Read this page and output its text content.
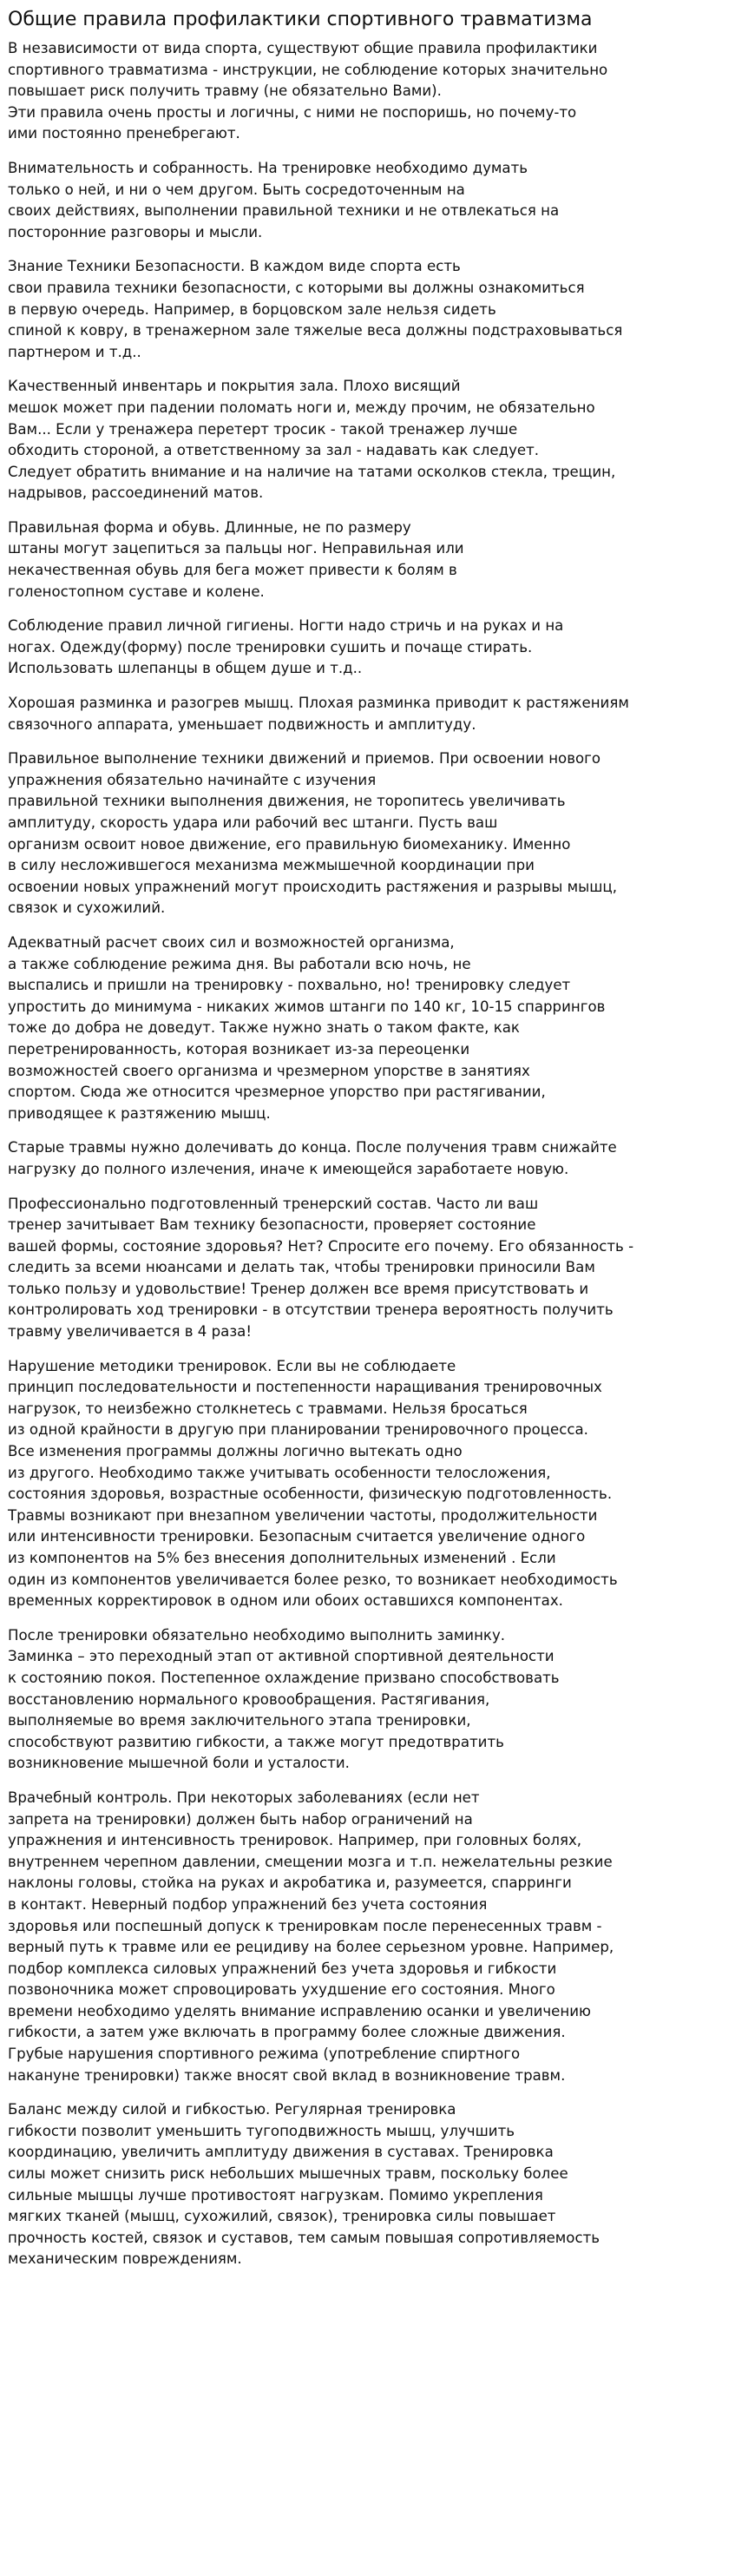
Общие правила профилактики спортивного травматизма
В независимости от вида спорта, существуют общие правила профилактики
спортивного травматизма - инструкции, не соблюдение которых значительно
повышает риск получить травму (не обязательно Вами).
Эти правила очень просты и логичны, с ними не поспоришь, но почему-то
ими постоянно пренебрегают.
Внимательность и собранность. На тренировке необходимо думать
только о ней, и ни о чем другом. Быть сосредоточенным на
своих действиях, выполнении правильной техники и не отвлекаться на
посторонние разговоры и мысли.
Знание Техники Безопасности. В каждом виде спорта есть
свои правила техники безопасности, с которыми вы должны ознакомиться
в первую очередь. Например, в борцовском зале нельзя сидеть
спиной к ковру, в тренажерном зале тяжелые веса должны подстраховываться
партнером и т.д..
Качественный инвентарь и покрытия зала. Плохо висящий
мешок может при падении поломать ноги и, между прочим, не обязательно
Вам... Если у тренажера перетерт тросик - такой тренажер лучше
обходить стороной, а ответственному за зал - надавать как следует.
Следует обратить внимание и на наличие на татами осколков стекла, трещин,
надрывов, рассоединений матов.
Правильная форма и обувь. Длинные, не по размеру
штаны могут зацепиться за пальцы ног. Неправильная или
некачественная обувь для бега может привести к болям в
голеностопном суставе и колене.
Соблюдение правил личной гигиены. Ногти надо стричь и на руках и на
ногах. Одежду(форму) после тренировки сушить и почаще стирать.
Использовать шлепанцы в общем душе и т.д..
Хорошая разминка и разогрев мышц. Плохая разминка приводит к растяжениям
связочного аппарата, уменьшает подвижность и амплитуду.
Правильное выполнение техники движений и приемов. При освоении нового
упражнения обязательно начинайте с изучения
правильной техники выполнения движения, не торопитесь увеличивать
амплитуду, скорость удара или рабочий вес штанги. Пусть ваш
организм освоит новое движение, его правильную биомеханику. Именно
в силу несложившегося механизма межмышечной координации при
освоении новых упражнений могут происходить растяжения и разрывы мышц,
связок и сухожилий.
Адекватный расчет своих сил и возможностей организма,
а также соблюдение режима дня. Вы работали всю ночь, не
выспались и пришли на тренировку - похвально, но! тренировку следует
упростить до минимума - никаких жимов штанги по 140 кг, 10-15 спаррингов
тоже до добра не доведут. Также нужно знать о таком факте, как
перетренированность, которая возникает из-за переоценки
возможностей своего организма и чрезмерном упорстве в занятиях
спортом. Сюда же относится чрезмерное упорство при растягивании,
приводящее к разтяжению мышц.
Старые травмы нужно долечивать до конца. После получения травм снижайте
нагрузку до полного излечения, иначе к имеющейся заработаете новую.
Профессионально подготовленный тренерский состав. Часто ли ваш
тренер зачитывает Вам технику безопасности, проверяет состояние
вашей формы, состояние здоровья? Нет? Спросите его почему. Его обязанность -
следить за всеми нюансами и делать так, чтобы тренировки приносили Вам
только пользу и удовольствие! Тренер должен все время присутствовать и
контролировать ход тренировки - в отсутствии тренера вероятность получить
травму увеличивается в 4 раза!
Нарушение методики тренировок. Если вы не соблюдаете
принцип последовательности и постепенности наращивания тренировочных
нагрузок, то неизбежно столкнетесь с травмами. Нельзя бросаться
из одной крайности в другую при планировании тренировочного процесса.
Все изменения программы должны логично вытекать одно
из другого. Необходимо также учитывать особенности телосложения,
состояния здоровья, возрастные особенности, физическую подготовленность.
Травмы возникают при внезапном увеличении частоты, продолжительности
или интенсивности тренировки. Безопасным считается увеличение одного
из компонентов на 5% без внесения дополнительных изменений . Если
один из компонентов увеличивается более резко, то возникает необходимость
временных корректировок в одном или обоих оставшихся компонентах.
После тренировки обязательно необходимо выполнить заминку.
Заминка – это переходный этап от активной спортивной деятельности
к состоянию покоя. Постепенное охлаждение призвано способствовать
восстановлению нормального кровообращения. Растягивания,
выполняемые во время заключительного этапа тренировки,
способствуют развитию гибкости, а также могут предотвратить
возникновение мышечной боли и усталости.
Врачебный контроль. При некоторых заболеваниях (если нет
запрета на тренировки) должен быть набор ограничений на
упражнения и интенсивность тренировок. Например, при головных болях,
внутреннем черепном давлении, смещении мозга и т.п. нежелательны резкие
наклоны головы, стойка на руках и акробатика и, разумеется, спарринги
в контакт. Неверный подбор упражнений без учета состояния
здоровья или поспешный допуск к тренировкам после перенесенных травм -
верный путь к травме или ее рецидиву на более серьезном уровне. Например,
подбор комплекса силовых упражнений без учета здоровья и гибкости
позвоночника может спровоцировать ухудшение его состояния. Много
времени необходимо уделять внимание исправлению осанки и увеличению
гибкости, а затем уже включать в программу более сложные движения.
Грубые нарушения спортивного режима (употребление спиртного
накануне тренировки) также вносят свой вклад в возникновение травм.
Баланс между силой и гибкостью. Регулярная тренировка
гибкости позволит уменьшить тугоподвижность мышц, улучшить
координацию, увеличить амплитуду движения в суставах. Тренировка
силы может снизить риск небольших мышечных травм, поскольку более
сильные мышцы лучше противостоят нагрузкам. Помимо укрепления
мягких тканей (мышц, сухожилий, связок), тренировка силы повышает
прочность костей, связок и суставов, тем самым повышая сопротивляемость
механическим повреждениям.
